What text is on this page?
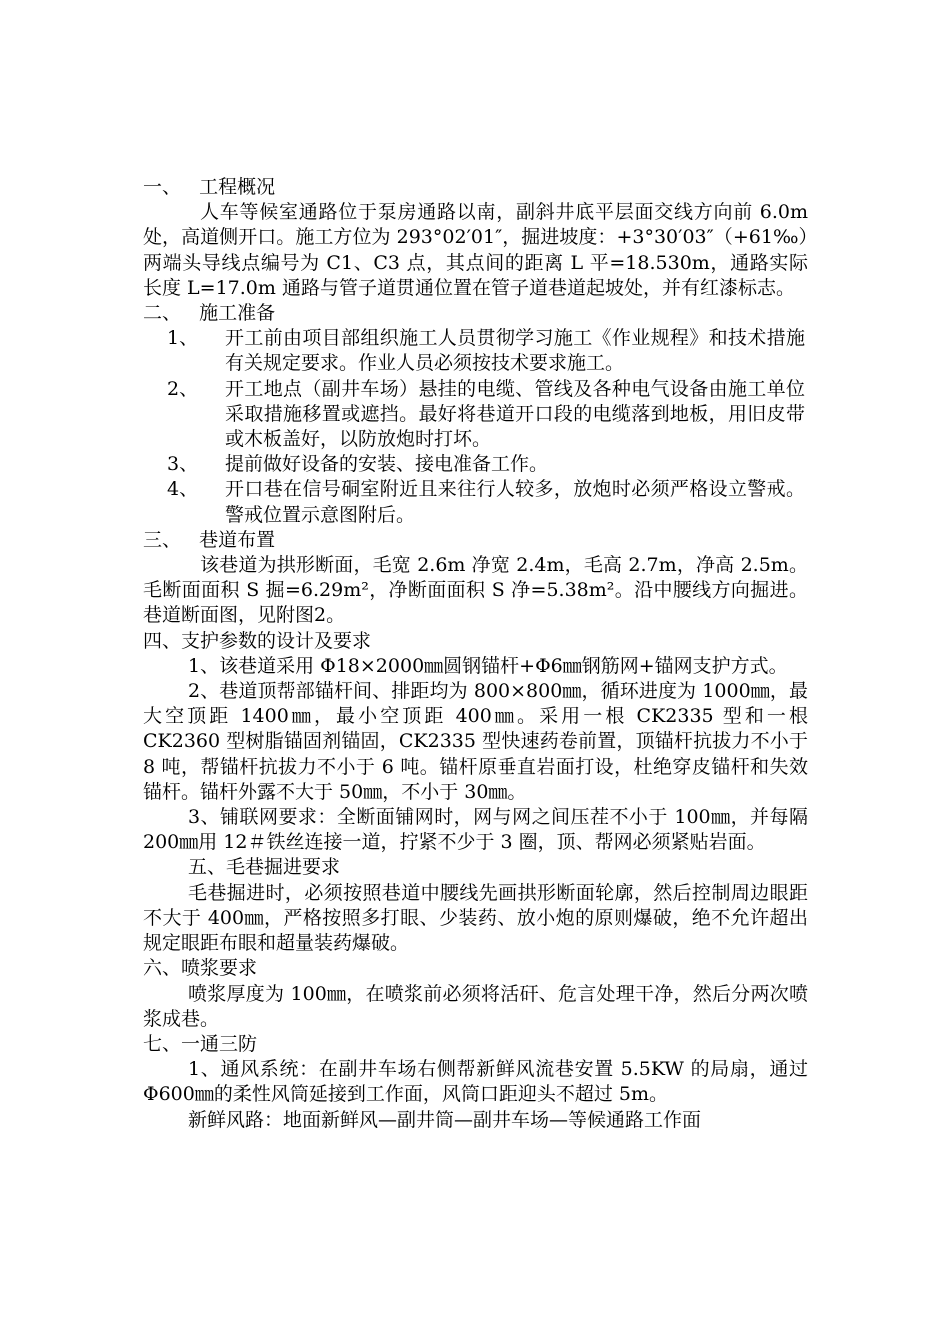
一、   工程概况

人车等候室通路位于泵房通路以南，副斜井底平层面交线方向前 6.0m 处，高道侧开口。施工方位为 293°02′01″，掘进坡度：+3°30′03″（+61‰）两端头导线点编号为 C1、C3 点，其点间的距离 L 平=18.530m，通路实际长度 L=17.0m 通路与管子道贯通位置在管子道巷道起坡处，并有红漆标志。

二、   施工准备

1、	开工前由项目部组织施工人员贯彻学习施工《作业规程》和技术措施有关规定要求。作业人员必须按技术要求施工。
2、	开工地点（副井车场）悬挂的电缆、管线及各种电气设备由施工单位采取措施移置或遮挡。最好将巷道开口段的电缆落到地板，用旧皮带或木板盖好，以防放炮时打坏。
3、	提前做好设备的安装、接电准备工作。
4、	开口巷在信号硐室附近且来往行人较多，放炮时必须严格设立警戒。警戒位置示意图附后。

三、   巷道布置

该巷道为拱形断面，毛宽 2.6m 净宽 2.4m，毛高 2.7m，净高 2.5m。毛断面面积 S 掘=6.29m²，净断面面积 S 净=5.38m²。沿中腰线方向掘进。巷道断面图，见附图2。

四、支护参数的设计及要求

1、该巷道采用 Φ18×2000㎜圆钢锚杆+Φ6㎜钢筋网+锚网支护方式。

2、巷道顶帮部锚杆间、排距均为 800×800㎜，循环进度为 1000㎜，最大空顶距 1400㎜，最小空顶距 400㎜。采用一根 CK2335 型和一根 CK2360 型树脂锚固剂锚固，CK2335 型快速药卷前置，顶锚杆抗拔力不小于 8 吨，帮锚杆抗拔力不小于 6 吨。锚杆原垂直岩面打设，杜绝穿皮锚杆和失效锚杆。锚杆外露不大于 50㎜，不小于 30㎜。

3、铺联网要求：全断面铺网时，网与网之间压茬不小于 100㎜，并每隔 200㎜用 12＃铁丝连接一道，拧紧不少于 3 圈，顶、帮网必须紧贴岩面。

五、毛巷掘进要求

毛巷掘进时，必须按照巷道中腰线先画拱形断面轮廓，然后控制周边眼距不大于 400㎜，严格按照多打眼、少装药、放小炮的原则爆破，绝不允许超出规定眼距布眼和超量装药爆破。

六、喷浆要求

喷浆厚度为 100㎜，在喷浆前必须将活矸、危言处理干净，然后分两次喷浆成巷。

七、一通三防

1、通风系统：在副井车场右侧帮新鲜风流巷安置 5.5KW 的局扇，通过 Φ600㎜的柔性风筒延接到工作面，风筒口距迎头不超过 5m。

新鲜风路：地面新鲜风—副井筒—副井车场—等候通路工作面
